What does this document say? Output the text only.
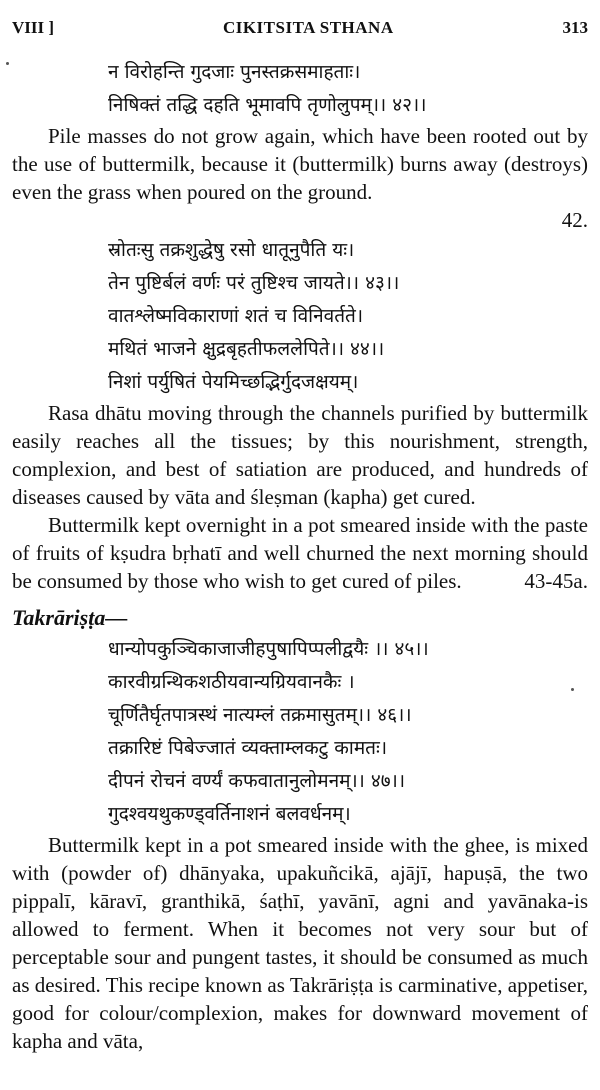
VIII ]	CIKITSITA STHANA	313
न विरोहन्ति गुदजाः पुनस्तक्रसमाहताः।
निषिक्तं तद्धि दहति भूमावपि तृणोलुपम्।। ४२।।

Pile masses do not grow again, which have been rooted out by the use of buttermilk, because it (buttermilk) burns away (destroys) even the grass when poured on the ground.

42.
स्रोतःसु तक्रशुद्धेषु रसो धातूनुपैति यः।
तेन पुष्टिर्बलं वर्णः परं तुष्टिश्च जायते।। ४३।।
वातश्लेष्मविकाराणां शतं च विनिवर्तते।
मथितं भाजने क्षुद्रबृहतीफललेपिते।। ४४।।
निशां पर्युषितं पेयमिच्छद्भिर्गुदजक्षयम्।

Rasa dhātu moving through the channels purified by buttermilk easily reaches all the tissues; by this nourishment, strength, complexion, and best of satiation are produced, and hundreds of diseases caused by vāta and śleṣman (kapha) get cured.

Buttermilk kept overnight in a pot smeared inside with the paste of fruits of kṣudra bṛhatī and well churned the next morning should be consumed by those who wish to get cured of piles.	43-45a.

Takrāriṣṭa—
धान्योपकुञ्चिकाजाजीहपुषापिप्पलीद्वयैः ।। ४५।।
कारवीग्रन्थिकशठीयवान्यग्रियवानकैः ।
चूर्णितैर्घृतपात्रस्थं नात्यम्लं तक्रमासुतम्।। ४६।।
तक्रारिष्टं पिबेज्जातं व्यक्ताम्लकटु कामतः।
दीपनं रोचनं वर्ण्यं कफवातानुलोमनम्।। ४७।।
गुदश्वयथुकण्ड्वर्तिनाशनं बलवर्धनम्।

Buttermilk kept in a pot smeared inside with the ghee, is mixed with (powder of) dhānyaka, upakuñcikā, ajājī, hapuṣā, the two pippalī, kāravī, granthikā, śaṭhī, yavānī, agni and yavānaka-is allowed to ferment. When it becomes not very sour but of perceptable sour and pungent tastes, it should be consumed as much as desired. This recipe known as Takrāriṣṭa is carminative, appetiser, good for colour/complexion, makes for downward movement of kapha and vāta,
